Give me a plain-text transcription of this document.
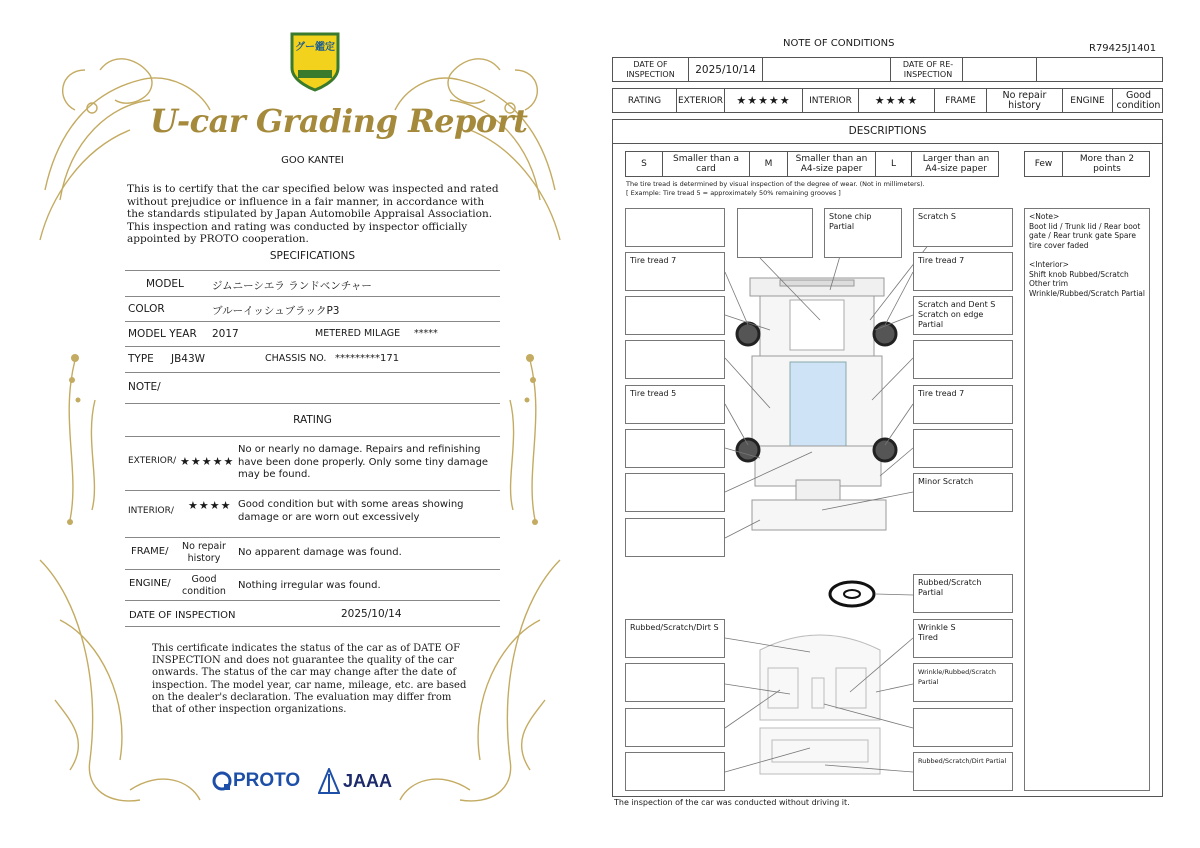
グー鑑定
U-car Grading Report
GOO KANTEI
This is to certify that the car specified below was inspected and rated without prejudice or influence in a fair manner, in accordance with the standards stipulated by Japan Automobile Appraisal Association. This inspection and rating was conducted by inspector officially appointed by PROTO cooperation.
SPECIFICATIONS
MODEL	ジムニーシエラ ランドベンチャー
COLOR	ブルーイッシュブラックP3
MODEL YEAR 2017	METERED MILAGE *****
TYPE JB43W	CHASSIS NO. *********171
NOTE/
RATING
EXTERIOR/ ★★★★★
No or nearly no damage. Repairs and refinishing have been done properly. Only some tiny damage may be found.
INTERIOR/ ★★★★ Good condition but with some areas showing damage or are worn out excessively
FRAME/	No repair history
No apparent damage was found.
ENGINE/	Good condition
Nothing irregular was found.
DATE OF INSPECTION	2025/10/14
This certificate indicates the status of the car as of DATE OF INSPECTION and does not guarantee the quality of the car onwards. The status of the car may change after the date of inspection. The model year, car name, mileage, etc. are based on the dealer's declaration. The evaluation may differ from that of other inspection organizations.
PROTO JAAA
NOTE OF CONDITIONS	R79425J1401
DATE OF INSPECTION	2025/10/14	DATE OF RE-INSPECTION
RATING EXTERIOR ★★★★★ INTERIOR ★★★★	FRAME	No repair history	ENGINE	Good condition
DESCRIPTIONS
S	Smaller than a card	M	Smaller than an A4-size paper	L	Larger than an A4-size paper	Few	More than 2 points
The tire tread is determined by visual inspection of the degree of wear. (Not in millimeters).
[ Example: Tire tread 5 = approximately 50% remaining grooves ]
Tire tread 7
Tire tread 5
Rubbed/Scratch/Dirt S
Stone chip Partial
Scratch S
Tire tread 7
Scratch and Dent S
Scratch on edge Partial
Tire tread 7
Minor Scratch
Rubbed/Scratch Partial
Wrinkle S
Tired
Wrinkle/Rubbed/Scratch Partial
Rubbed/Scratch/Dirt Partial
<Note>
Boot lid / Trunk lid / Rear boot gate / Rear trunk gate Spare tire cover faded

<Interior>
Shift knob Rubbed/Scratch
Other trim
Wrinkle/Rubbed/Scratch Partial
The inspection of the car was conducted without driving it.
